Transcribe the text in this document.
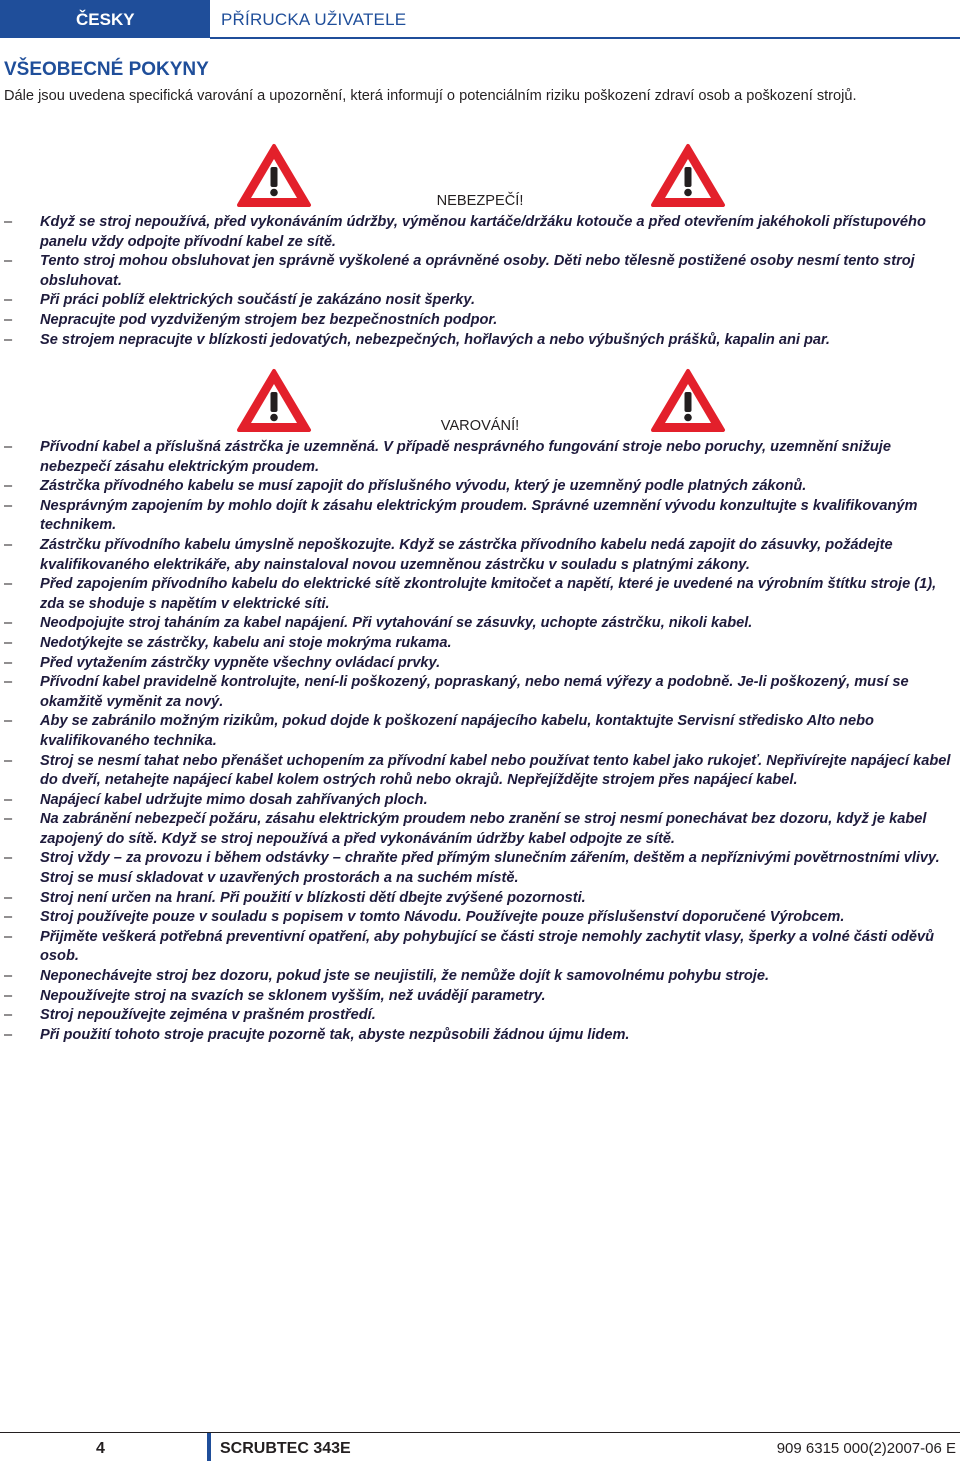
ČESKY	PŘÍRUCKA UŽIVATELE
VŠEOBECNÉ POKYNY
Dále jsou uvedena specifická varování a upozornění, která informují o potenciálním riziku poškození zdraví osob a poškození strojů.
NEBEZPEČÍ!
–	Když se stroj nepoužívá, před vykonáváním údržby, výměnou kartáče/držáku kotouče a před otevřením jakéhokoli přístupového panelu vždy odpojte přívodní kabel ze sítě.
–	Tento stroj mohou obsluhovat jen správně vyškolené a oprávněné osoby. Děti nebo tělesně postižené osoby nesmí tento stroj obsluhovat.
–	Při práci poblíž elektrických součástí je zakázáno nosit šperky.
–	Nepracujte pod vyzdviženým strojem bez bezpečnostních podpor.
–	Se strojem nepracujte v blízkosti jedovatých, nebezpečných, hořlavých a nebo výbušných prášků, kapalin ani par.
VAROVÁNÍ!
–	Přívodní kabel a příslušná zástrčka je uzemněná. V případě nesprávného fungování stroje nebo poruchy, uzemnění snižuje nebezpečí zásahu elektrickým proudem.
–	Zástrčka přívodného kabelu se musí zapojit do příslušného vývodu, který je uzemněný podle platných zákonů.
–	Nesprávným zapojením by mohlo dojít k zásahu elektrickým proudem. Správné uzemnění vývodu konzultujte s kvalifikovaným technikem.
–	Zástrčku přívodního kabelu úmyslně nepoškozujte. Když se zástrčka přívodního kabelu nedá zapojit do zásuvky, požádejte kvalifikovaného elektrikáře, aby nainstaloval novou uzemněnou zástrčku v souladu s platnými zákony.
–	Před zapojením přívodního kabelu do elektrické sítě zkontrolujte kmitočet a napětí, které je uvedené na výrobním štítku stroje (1), zda se shoduje s napětím v elektrické síti.
–	Neodpojujte stroj taháním za kabel napájení. Při vytahování se zásuvky, uchopte zástrčku, nikoli kabel.
–	Nedotýkejte se zástrčky, kabelu ani stoje mokrýma rukama.
–	Před vytažením zástrčky vypněte všechny ovládací prvky.
–	Přívodní kabel pravidelně kontrolujte, není-li poškozený, popraskaný, nebo nemá výřezy a podobně. Je-li poškozený, musí se okamžitě vyměnit za nový.
–	Aby se zabránilo možným rizikům, pokud dojde k poškození napájecího kabelu, kontaktujte Servisní středisko Alto nebo kvalifikovaného technika.
–	Stroj se nesmí tahat nebo přenášet uchopením za přívodní kabel nebo používat tento kabel jako rukojeť. Nepřivírejte napájecí kabel do dveří, netahejte napájecí kabel kolem ostrých rohů nebo okrajů. Nepřejíždějte strojem přes napájecí kabel.
–	Napájecí kabel udržujte mimo dosah zahřívaných ploch.
–	Na zabránění nebezpečí požáru, zásahu elektrickým proudem nebo zranění se stroj nesmí ponechávat bez dozoru, když je kabel zapojený do sítě. Když se stroj nepoužívá a před vykonáváním údržby kabel odpojte ze sítě.
–	Stroj vždy – za provozu i během odstávky – chraňte před přímým slunečním zářením, deštěm a nepříznivými povětrnostními vlivy. Stroj se musí skladovat v uzavřených prostorách a na suchém místě.
–	Stroj není určen na hraní. Při použití v blízkosti dětí dbejte zvýšené pozornosti.
–	Stroj používejte pouze v souladu s popisem v tomto Návodu. Používejte pouze příslušenství doporučené Výrobcem.
–	Přijměte veškerá potřebná preventivní opatření, aby pohybující se části stroje nemohly zachytit vlasy, šperky a volné části oděvů osob.
–	Neponechávejte stroj bez dozoru, pokud jste se neujistili, že nemůže dojít k samovolnému pohybu stroje.
–	Nepoužívejte stroj na svazích se sklonem vyšším, než uvádějí parametry.
–	Stroj nepoužívejte zejména v prašném prostředí.
–	Při použití tohoto stroje pracujte pozorně tak, abyste nezpůsobili žádnou újmu lidem.
4	SCRUBTEC 343E	909 6315 000(2)2007-06 E
